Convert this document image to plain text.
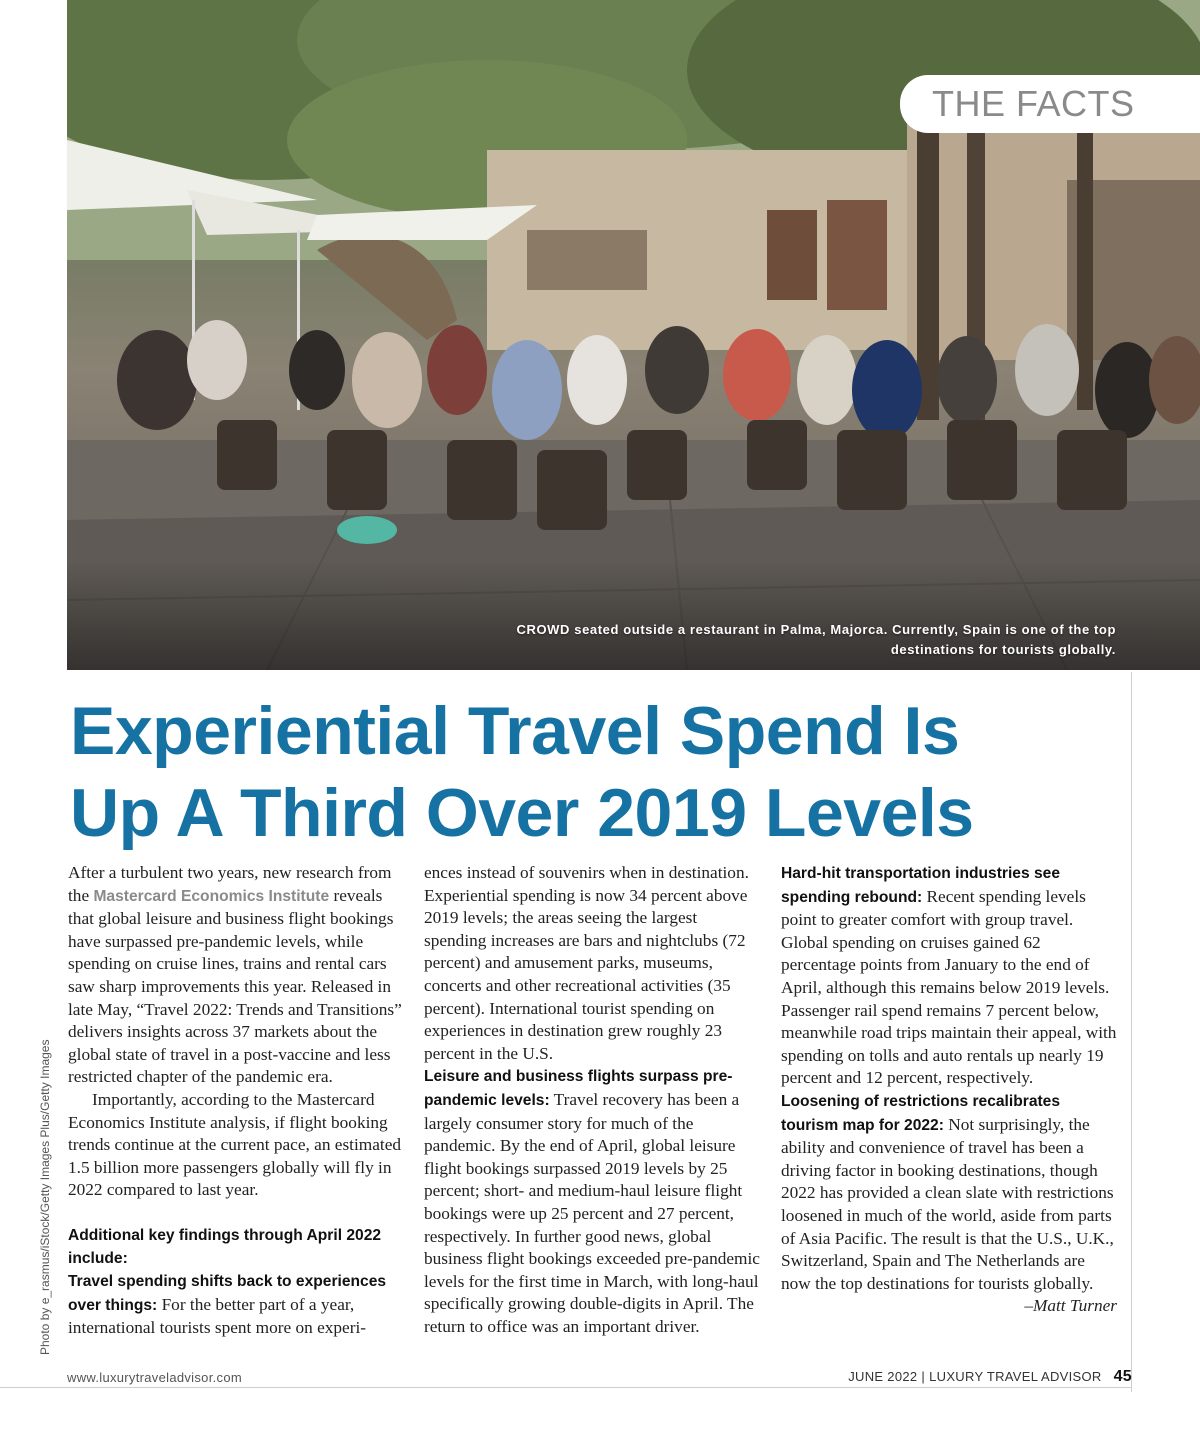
CROWD seated outside a restaurant in Palma, Majorca. Currently, Spain is one of the top destinations for tourists globally.
THE FACTS
Photo by e_rasmus/iStock/Getty Images Plus/Getty Images
Experiential Travel Spend Is
Up A Third Over 2019 Levels

After a turbulent two years, new research from the Mastercard Economics Institute reveals that global leisure and business flight bookings have surpassed pre-pandemic levels, while spending on cruise lines, trains and rental cars saw sharp improvements this year. Released in late May, “Travel 2022: Trends and Transitions” delivers insights across 37 markets about the global state of travel in a post-vaccine and less restricted chapter of the pandemic era.

Importantly, according to the Mastercard Economics Institute analysis, if flight booking trends continue at the current pace, an estimated 1.5 billion more passengers globally will fly in 2022 compared to last year.

Additional key findings through April 2022 include:

Travel spending shifts back to experiences over things: For the better part of a year, international tourists spent more on experi-

ences instead of souvenirs when in destination. Experiential spending is now 34 percent above 2019 levels; the areas seeing the largest spending increases are bars and nightclubs (72 percent) and amusement parks, museums, concerts and other recreational activities (35 percent). International tourist spending on experiences in destination grew roughly 23 percent in the U.S.

Leisure and business flights surpass pre-pandemic levels: Travel recovery has been a largely consumer story for much of the pandemic. By the end of April, global leisure flight bookings surpassed 2019 levels by 25 percent; short- and medium-haul leisure flight bookings were up 25 percent and 27 percent, respectively. In further good news, global business flight bookings exceeded pre-pandemic levels for the first time in March, with long-haul specifically growing double-digits in April. The return to office was an important driver.

Hard-hit transportation industries see spending rebound: Recent spending levels point to greater comfort with group travel. Global spending on cruises gained 62 percentage points from January to the end of April, although this remains below 2019 levels. Passenger rail spend remains 7 percent below, meanwhile road trips maintain their appeal, with spending on tolls and auto rentals up nearly 19 percent and 12 percent, respectively.

Loosening of restrictions recalibrates tourism map for 2022: Not surprisingly, the ability and convenience of travel has been a driving factor in booking destinations, though 2022 has provided a clean slate with restrictions loosened in much of the world, aside from parts of Asia Pacific. The result is that the U.S., U.K., Switzerland, Spain and The Netherlands are now the top destinations for tourists globally.

–Matt Turner

www.luxurytraveladvisor.com	JUNE 2022 | LUXURY TRAVEL ADVISOR 45
